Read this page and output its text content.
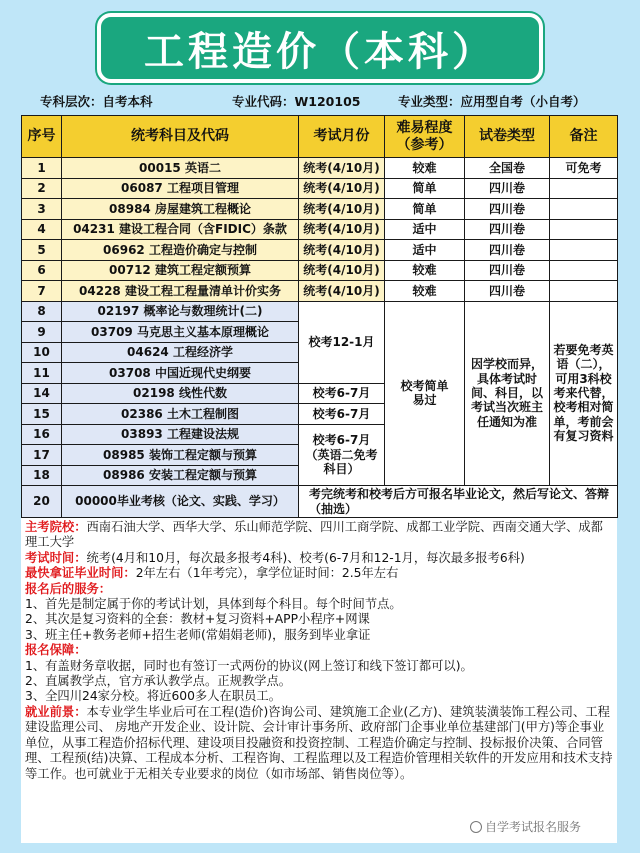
工程造价（本科）
专科层次：自考本科	专业代码：W120105	专业类型：应用型自考（小自考）
序号	统考科目及代码	考试月份	难易程度（参考）	试卷类型	备注
1	00015 英语二	统考(4/10月)	较难	全国卷	可免考
2	06087 工程项目管理	统考(4/10月)	简单	四川卷	
3	08984 房屋建筑工程概论	统考(4/10月)	简单	四川卷	
4	04231 建设工程合同（含FIDIC）条款	统考(4/10月)	适中	四川卷	
5	06962 工程造价确定与控制	统考(4/10月)	适中	四川卷	
6	00712 建筑工程定额预算	统考(4/10月)	较难	四川卷	
7	04228 建设工程工程量清单计价实务	统考(4/10月)	较难	四川卷	
8	02197 概率论与数理统计(二)	校考12-1月	校考简单易过	因学校而异，具体考试时间、科目，以考试当次班主任通知为准	若要免考英语（二），可用3科校考来代替，校考相对简单，考前会有复习资料
9	03709 马克思主义基本原理概论				
10	04624 工程经济学				
11	03708 中国近现代史纲要				
14	02198 线性代数	校考6-7月			
15	02386 土木工程制图	校考6-7月			
16	03893 工程建设法规	校考6-7月（英语二免考科目）			
17	08985 装饰工程定额与预算				
18	08986 安装工程定额与预算				
20	00000毕业考核（论文、实践、学习）	考完统考和校考后方可报名毕业论文，然后写论文、答辩（抽选）			

主考院校：西南石油大学、西华大学、乐山师范学院、四川工商学院、成都工业学院、西南交通大学、成都理工大学

考试时间：统考(4月和10月，每次最多报考4科)、校考(6-7月和12-1月，每次最多报考6科)

最快拿证毕业时间：2年左右（1年考完），拿学位证时间：2.5年左右

报名后的服务：

1、首先是制定属于你的考试计划，具体到每个科目。每个时间节点。

2、其次是复习资料的全套：教材+复习资料+APP小程序+网课

3、班主任+教务老师+招生老师(常娟娟老师)，服务到毕业拿证

报名保障：

1、有盖财务章收据，同时也有签订一式两份的协议(网上签订和线下签订都可以)。

2、直属教学点，官方承认教学点。正规教学点。

3、全四川24家分校。将近600多人在职员工。

就业前景：本专业学生毕业后可在工程(造价)咨询公司、建筑施工企业(乙方)、建筑装潢装饰工程公司、工程建设监理公司、 房地产开发企业、设计院、会计审计事务所、政府部门企事业单位基建部门(甲方)等企事业单位，从事工程造价招标代理、建设项目投融资和投资控制、工程造价确定与控制、投标报价决策、合同管理、工程预(结)决算、工程成本分析、工程咨询、工程监理以及工程造价管理相关软件的开发应用和技术支持等工作。也可就业于无相关专业要求的岗位（如市场部、销售岗位等）。

自学考试报名服务
